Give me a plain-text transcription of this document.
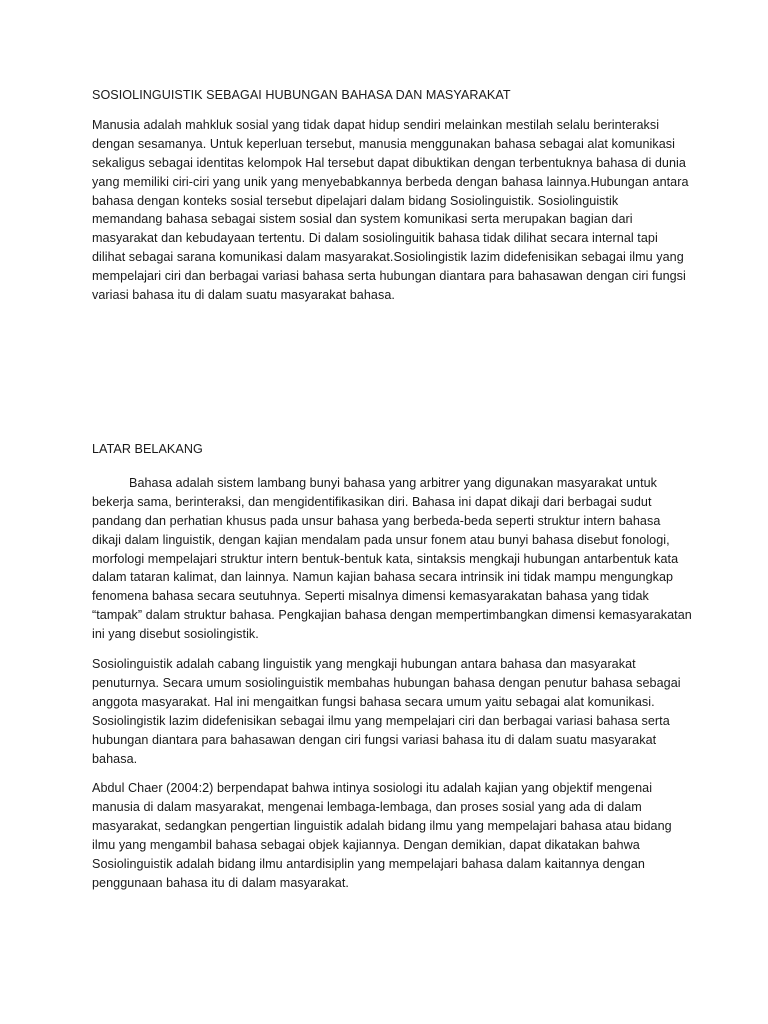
SOSIOLINGUISTIK SEBAGAI HUBUNGAN BAHASA DAN MASYARAKAT

Manusia adalah mahkluk sosial yang tidak dapat hidup sendiri melainkan mestilah selalu berinteraksi dengan sesamanya. Untuk keperluan tersebut, manusia menggunakan bahasa sebagai alat komunikasi sekaligus sebagai identitas kelompok Hal tersebut dapat dibuktikan dengan terbentuknya bahasa di dunia yang memiliki ciri-ciri yang unik yang menyebabkannya berbeda dengan bahasa lainnya.Hubungan antara bahasa dengan konteks sosial tersebut dipelajari dalam bidang Sosiolinguistik. Sosiolinguistik memandang bahasa sebagai sistem sosial dan system komunikasi serta merupakan bagian dari masyarakat dan kebudayaan tertentu. Di dalam sosiolinguitik bahasa tidak dilihat secara internal tapi dilihat sebagai sarana komunikasi dalam masyarakat.Sosiolingistik lazim didefenisikan sebagai ilmu yang mempelajari ciri dan berbagai variasi bahasa serta hubungan diantara para bahasawan dengan ciri fungsi variasi bahasa itu di dalam suatu masyarakat bahasa.

LATAR BELAKANG

Bahasa adalah sistem lambang bunyi bahasa yang arbitrer yang digunakan masyarakat untuk bekerja sama, berinteraksi, dan mengidentifikasikan diri. Bahasa ini dapat dikaji dari berbagai sudut pandang dan perhatian khusus pada unsur bahasa yang berbeda-beda seperti struktur intern bahasa dikaji dalam linguistik, dengan kajian mendalam pada unsur fonem atau bunyi bahasa disebut fonologi, morfologi mempelajari struktur intern bentuk-bentuk kata, sintaksis mengkaji hubungan antarbentuk kata dalam tataran kalimat, dan lainnya. Namun kajian bahasa secara intrinsik ini tidak mampu mengungkap fenomena bahasa secara seutuhnya. Seperti misalnya dimensi kemasyarakatan bahasa yang tidak “tampak” dalam struktur bahasa. Pengkajian bahasa dengan mempertimbangkan dimensi kemasyarakatan ini yang disebut sosiolingistik.

Sosiolinguistik adalah cabang linguistik yang mengkaji hubungan antara bahasa dan masyarakat penuturnya. Secara umum sosiolinguistik membahas hubungan bahasa dengan penutur bahasa sebagai anggota masyarakat. Hal ini mengaitkan fungsi bahasa secara umum yaitu sebagai alat komunikasi. Sosiolingistik lazim didefenisikan sebagai ilmu yang mempelajari ciri dan berbagai variasi bahasa serta hubungan diantara para bahasawan dengan ciri fungsi variasi bahasa itu di dalam suatu masyarakat bahasa.

Abdul Chaer (2004:2) berpendapat bahwa intinya sosiologi itu adalah kajian yang objektif mengenai manusia di dalam masyarakat, mengenai lembaga-lembaga, dan proses sosial yang ada di dalam masyarakat, sedangkan pengertian linguistik adalah bidang ilmu yang mempelajari bahasa atau bidang ilmu yang mengambil bahasa sebagai objek kajiannya. Dengan demikian, dapat dikatakan bahwa Sosiolinguistik adalah bidang ilmu antardisiplin yang mempelajari bahasa dalam kaitannya dengan penggunaan bahasa itu di dalam masyarakat.
